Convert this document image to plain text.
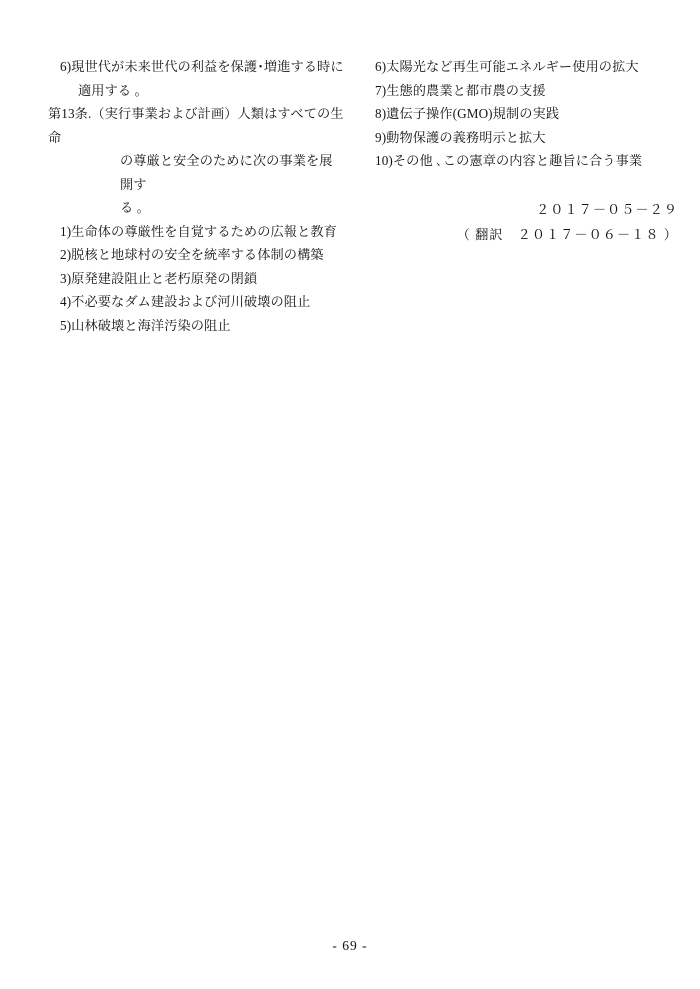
6)現世代が未来世代の利益を保護･増進する時に
適用する 。
第13条.（実行事業および計画）人類はすべての生命
の尊厳と安全のために次の事業を展開す
る 。
1)生命体の尊厳性を自覚するための広報と教育
2)脱核と地球村の安全を統率する体制の構築
3)原発建設阻止と老朽原発の閉鎖
4)不必要なダム建設および河川破壊の阻止
5)山林破壊と海洋汚染の阻止
6)太陽光など再生可能エネルギー使用の拡大
7)生態的農業と都市農の支援
8)遺伝子操作(GMO)規制の実践
9)動物保護の義務明示と拡大
10)その他 ､この憲章の内容と趣旨に合う事業
２０１７－０５－２９
（ 翻訳　２０１７－０６－１８ ）
- 69 -
